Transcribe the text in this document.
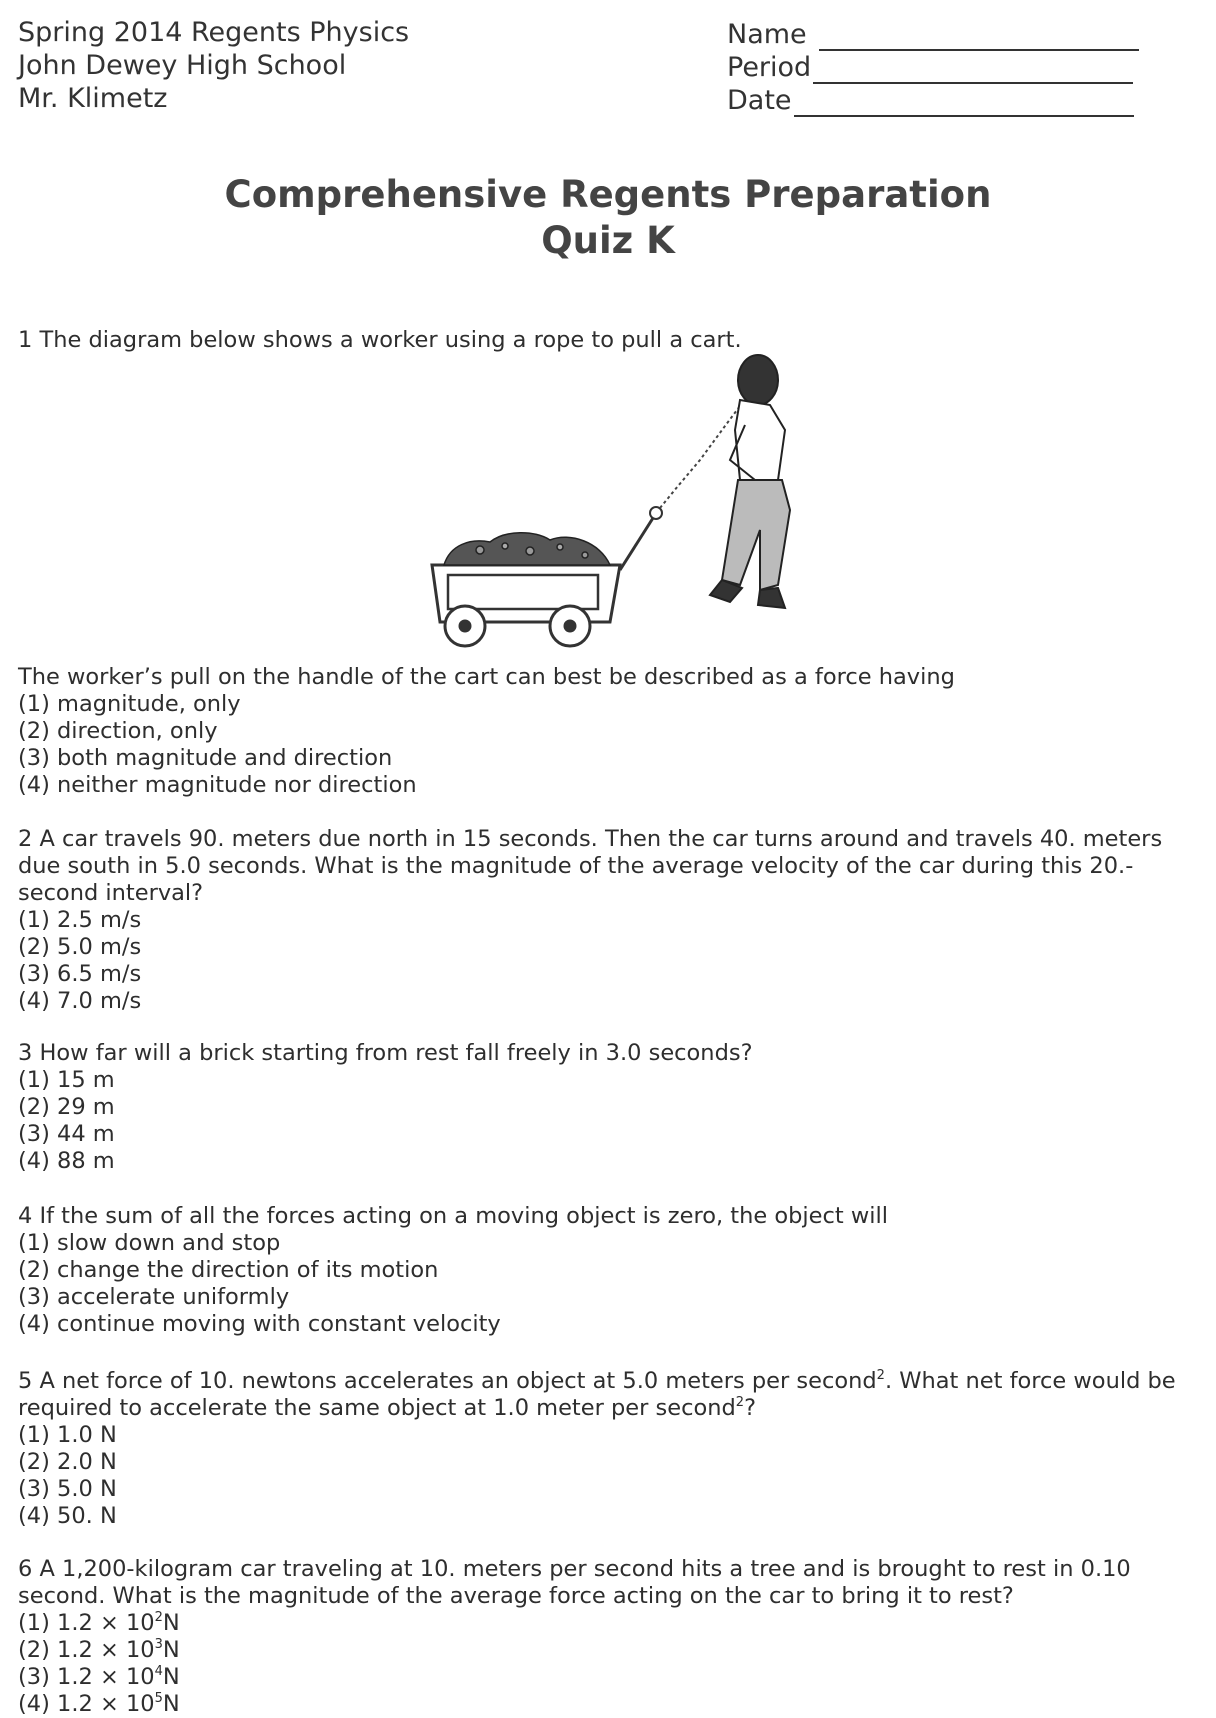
Spring 2014 Regents Physics
John Dewey High School
Mr. Klimetz
Name
Period
Date
Comprehensive Regents Preparation
Quiz K

1 The diagram below shows a worker using a rope to pull a cart.

The worker’s pull on the handle of the cart can best be described as a force having

(1) magnitude, only

(2) direction, only

(3) both magnitude and direction

(4) neither magnitude nor direction

2 A car travels 90. meters due north in 15 seconds. Then the car turns around and travels 40. meters due south in 5.0 seconds. What is the magnitude of the average velocity of the car during this 20.-second interval?

(1) 2.5 m/s

(2) 5.0 m/s

(3) 6.5 m/s

(4) 7.0 m/s

3 How far will a brick starting from rest fall freely in 3.0 seconds?

(1) 15 m

(2) 29 m

(3) 44 m

(4) 88 m

4 If the sum of all the forces acting on a moving object is zero, the object will

(1) slow down and stop

(2) change the direction of its motion

(3) accelerate uniformly

(4) continue moving with constant velocity

5 A net force of 10. newtons accelerates an object at 5.0 meters per second$^2$. What net force would be required to accelerate the same object at 1.0 meter per second$^2$?

(1) 1.0 N

(2) 2.0 N

(3) 5.0 N

(4) 50. N

6 A 1,200-kilogram car traveling at 10. meters per second hits a tree and is brought to rest in 0.10 second. What is the magnitude of the average force acting on the car to bring it to rest?

(1) $1.2 \times 10^2N$

(2) $1.2 \times 10^3N$

(3) $1.2 \times 10^4N$

(4) $1.2 \times 10^5N$
